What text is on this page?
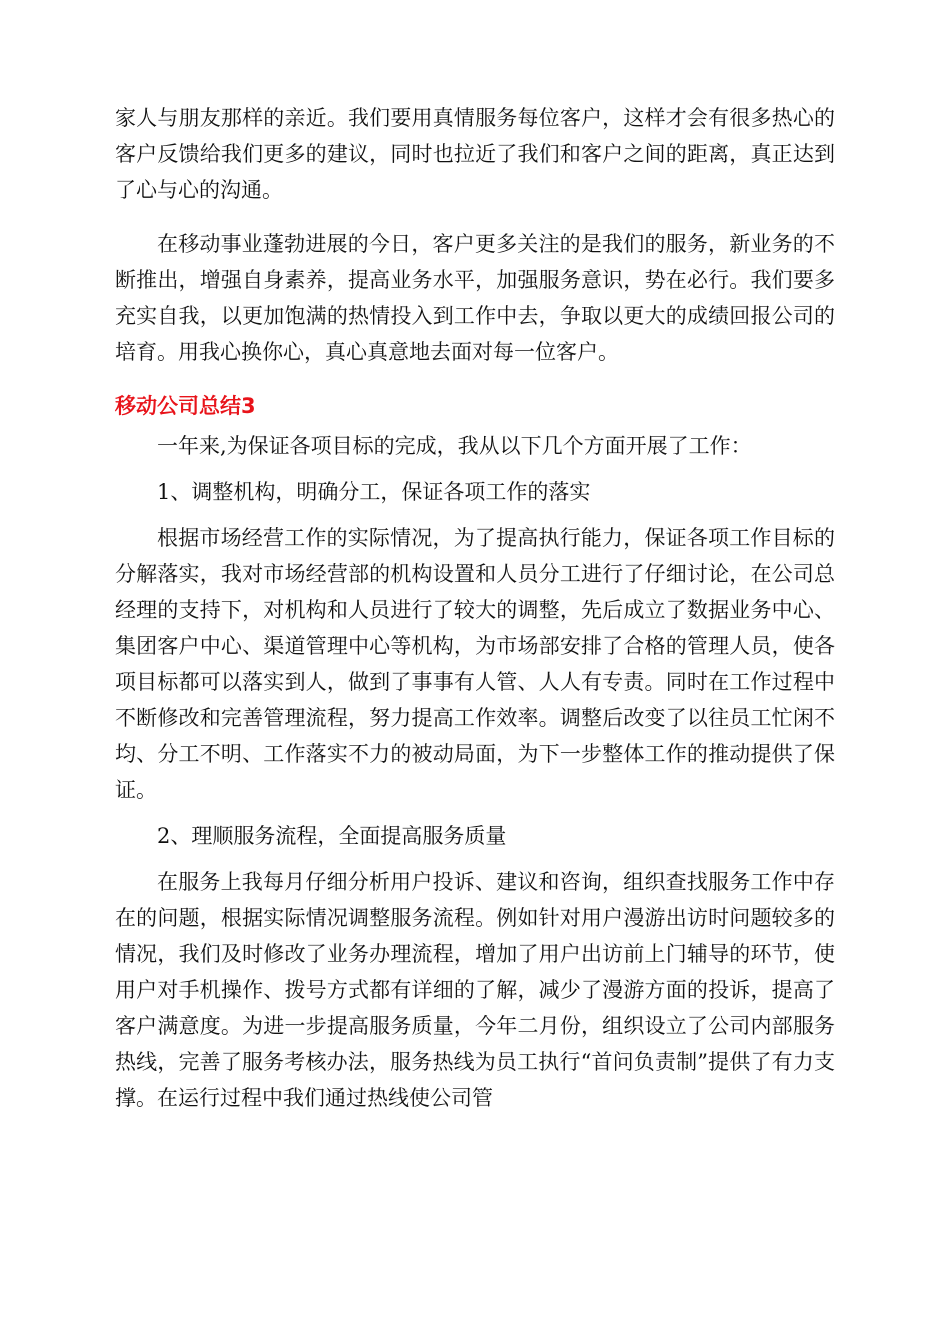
家人与朋友那样的亲近。我们要用真情服务每位客户，这样才会有很多热心的客户反馈给我们更多的建议，同时也拉近了我们和客户之间的距离，真正达到了心与心的沟通。

在移动事业蓬勃进展的今日，客户更多关注的是我们的服务，新业务的不断推出，增强自身素养，提高业务水平，加强服务意识，势在必行。我们要多充实自我，以更加饱满的热情投入到工作中去，争取以更大的成绩回报公司的培育。用我心换你心，真心真意地去面对每一位客户。

移动公司总结3

一年来,为保证各项目标的完成，我从以下几个方面开展了工作：

1、调整机构，明确分工，保证各项工作的落实

根据市场经营工作的实际情况，为了提高执行能力，保证各项工作目标的分解落实，我对市场经营部的机构设置和人员分工进行了仔细讨论，在公司总经理的支持下，对机构和人员进行了较大的调整，先后成立了数据业务中心、集团客户中心、渠道管理中心等机构，为市场部安排了合格的管理人员，使各项目标都可以落实到人，做到了事事有人管、人人有专责。同时在工作过程中不断修改和完善管理流程，努力提高工作效率。调整后改变了以往员工忙闲不均、分工不明、工作落实不力的被动局面，为下一步整体工作的推动提供了保证。

2、理顺服务流程，全面提高服务质量

在服务上我每月仔细分析用户投诉、建议和咨询，组织查找服务工作中存在的问题，根据实际情况调整服务流程。例如针对用户漫游出访时问题较多的情况，我们及时修改了业务办理流程，增加了用户出访前上门辅导的环节，使用户对手机操作、拨号方式都有详细的了解，减少了漫游方面的投诉，提高了客户满意度。为进一步提高服务质量，今年二月份，组织设立了公司内部服务热线，完善了服务考核办法，服务热线为员工执行“首问负责制”提供了有力支撑。在运行过程中我们通过热线使公司管
